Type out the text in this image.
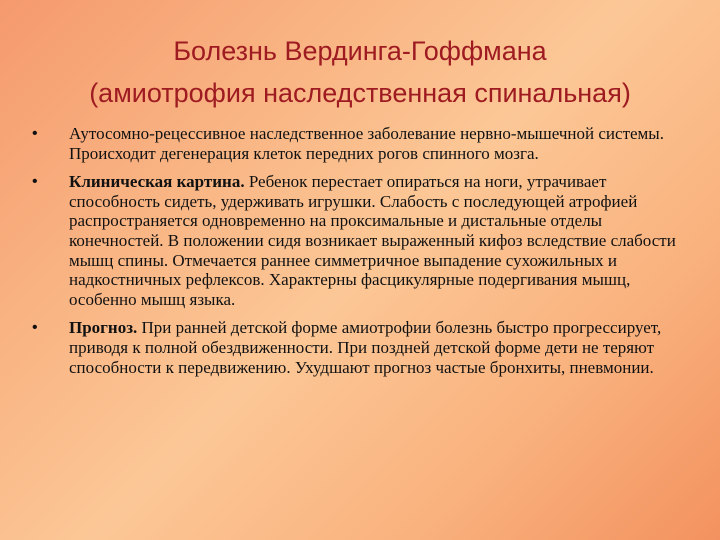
Болезнь Вердинга-Гоффмана
(амиотрофия наследственная спинальная)
• Аутосомно-рецессивное наследственное заболевание нервно-мышечной системы. Происходит дегенерация клеток передних рогов спинного мозга.
• Клиническая картина. Ребенок перестает опираться на ноги, утрачивает способность сидеть, удерживать игрушки. Слабость с последующей атрофией распространяется одновременно на проксимальные и дистальные отделы конечностей. В положении сидя возникает выраженный кифоз вследствие слабости мышц спины. Отмечается раннее симметричное выпадение сухожильных и надкостничных рефлексов. Характерны фасцикулярные подергивания мышц, особенно мышц языка.
• Прогноз. При ранней детской форме амиотрофии болезнь быстро прогрессирует, приводя к полной обездвиженности. При поздней детской форме дети не теряют способности к передвижению. Ухудшают прогноз частые бронхиты, пневмонии.
